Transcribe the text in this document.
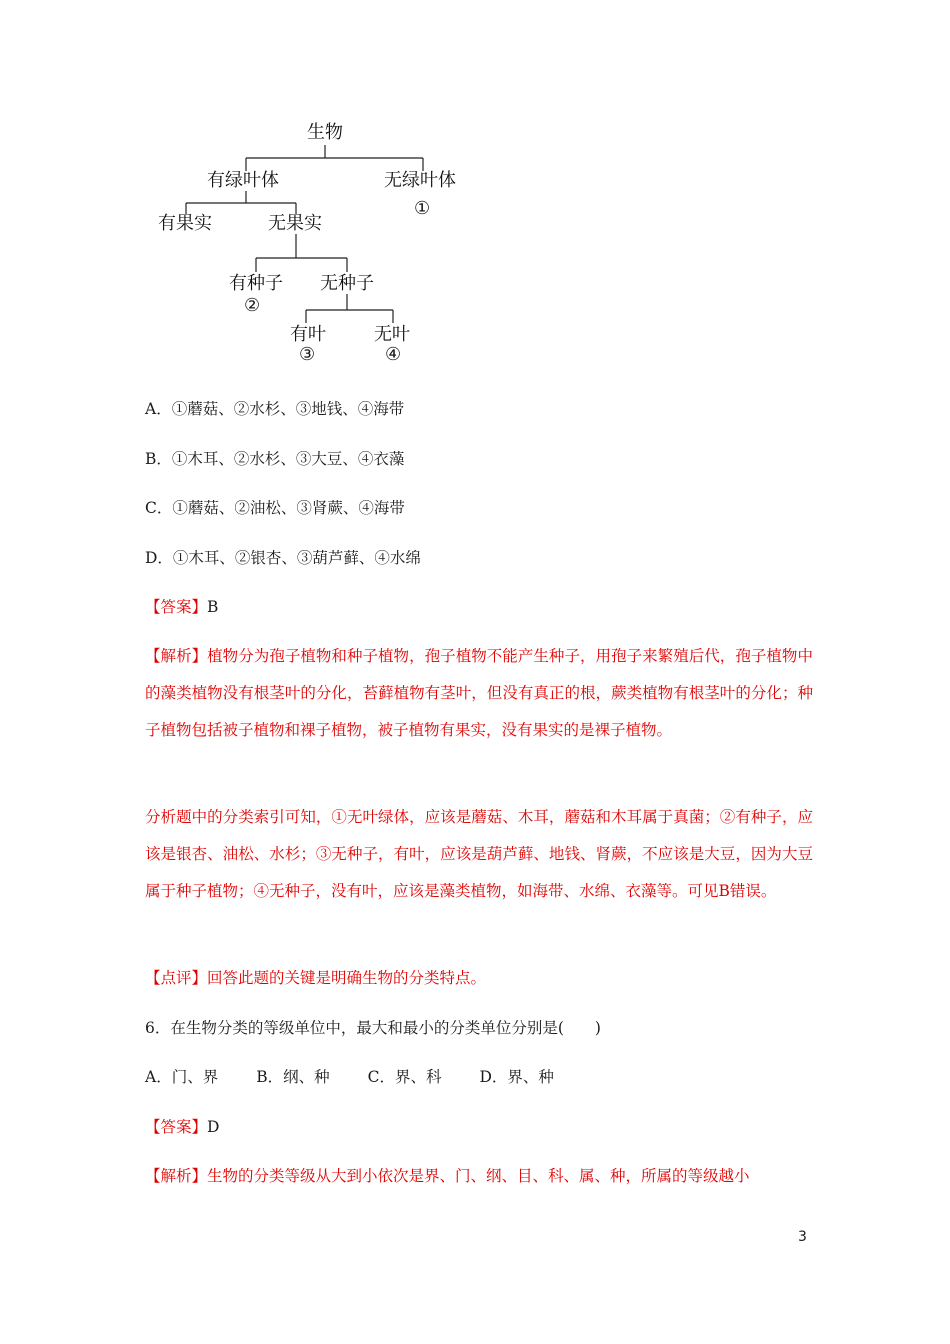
生物
有绿叶体	无绿叶体
①
有果实	无果实
有种子
②
无种子
有叶
③
无叶
④
A．①蘑菇、②水杉、③地钱、④海带
B．①木耳、②水杉、③大豆、④衣藻
C．①蘑菇、②油松、③肾蕨、④海带
D．①木耳、②银杏、③葫芦藓、④水绵
【答案】B
【解析】植物分为孢子植物和种子植物，孢子植物不能产生种子，用孢子来繁殖后代，孢子植物中的藻类植物没有根茎叶的分化，苔藓植物有茎叶，但没有真正的根，蕨类植物有根茎叶的分化；种子植物包括被子植物和裸子植物，被子植物有果实，没有果实的是裸子植物。
分析题中的分类索引可知，①无叶绿体，应该是蘑菇、木耳，蘑菇和木耳属于真菌；②有种子，应该是银杏、油松、水杉；③无种子，有叶，应该是葫芦藓、地钱、肾蕨，不应该是大豆，因为大豆属于种子植物；④无种子，没有叶，应该是藻类植物，如海带、水绵、衣藻等。可见B错误。
【点评】回答此题的关键是明确生物的分类特点。
6．在生物分类的等级单位中，最大和最小的分类单位分别是(　　)
A．门、界 B．纲、种 C．界、科 D．界、种
【答案】D
【解析】生物的分类等级从大到小依次是界、门、纲、目、科、属、种，所属的等级越小
3
